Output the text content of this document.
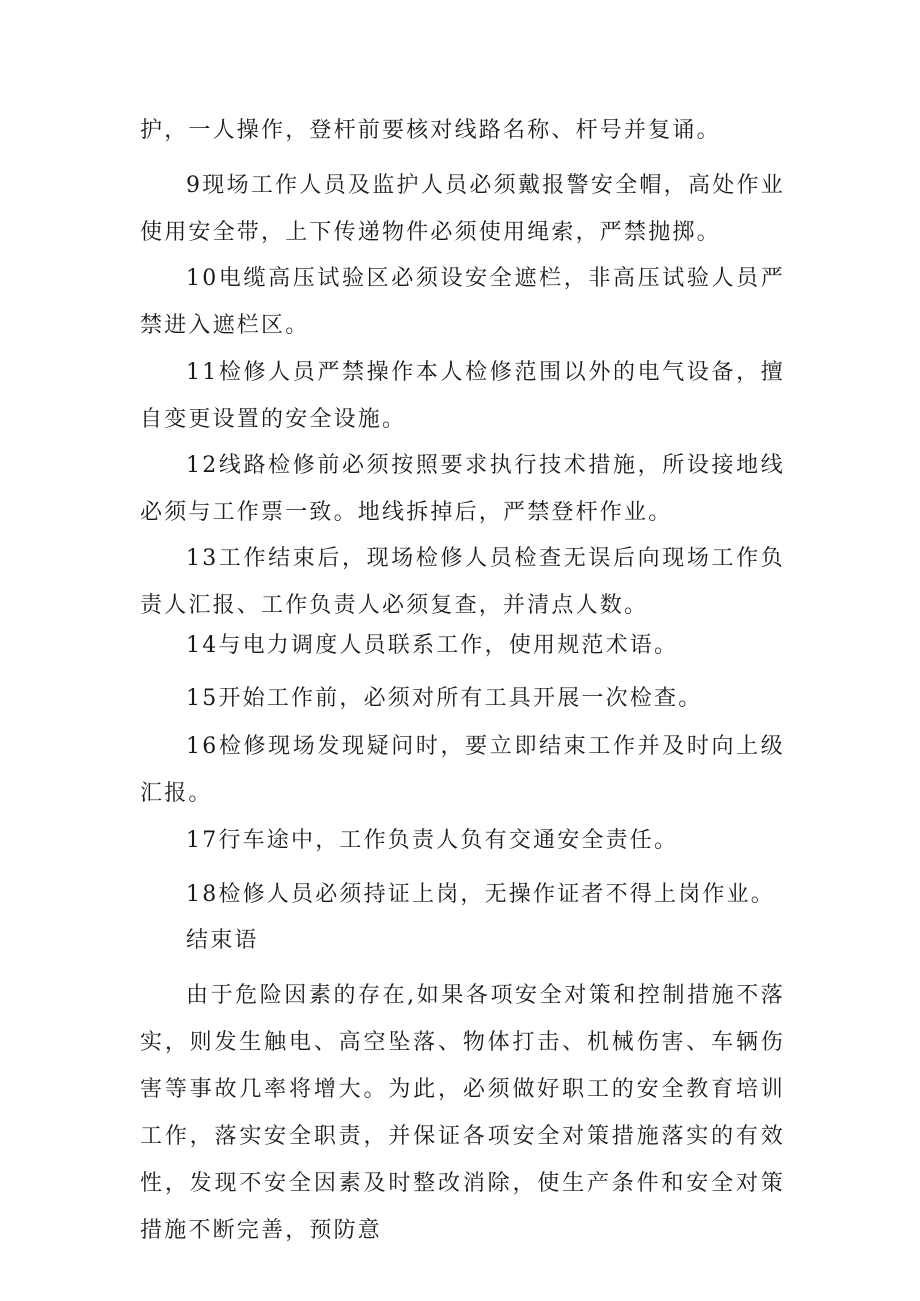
护，一人操作，登杆前要核对线路名称、杆号并复诵。

9现场工作人员及监护人员必须戴报警安全帽，高处作业使用安全带，上下传递物件必须使用绳索，严禁抛掷。

10电缆高压试验区必须设安全遮栏，非高压试验人员严禁进入遮栏区。

11检修人员严禁操作本人检修范围以外的电气设备，擅自变更设置的安全设施。

12线路检修前必须按照要求执行技术措施，所设接地线必须与工作票一致。地线拆掉后，严禁登杆作业。

13工作结束后，现场检修人员检查无误后向现场工作负责人汇报、工作负责人必须复查，并清点人数。

14与电力调度人员联系工作，使用规范术语。

15开始工作前，必须对所有工具开展一次检查。

16检修现场发现疑问时，要立即结束工作并及时向上级汇报。

17行车途中，工作负责人负有交通安全责任。

18检修人员必须持证上岗，无操作证者不得上岗作业。

结束语

由于危险因素的存在,如果各项安全对策和控制措施不落实，则发生触电、高空坠落、物体打击、机械伤害、车辆伤害等事故几率将增大。为此，必须做好职工的安全教育培训工作，落实安全职责，并保证各项安全对策措施落实的有效性，发现不安全因素及时整改消除，使生产条件和安全对策措施不断完善，预防意
